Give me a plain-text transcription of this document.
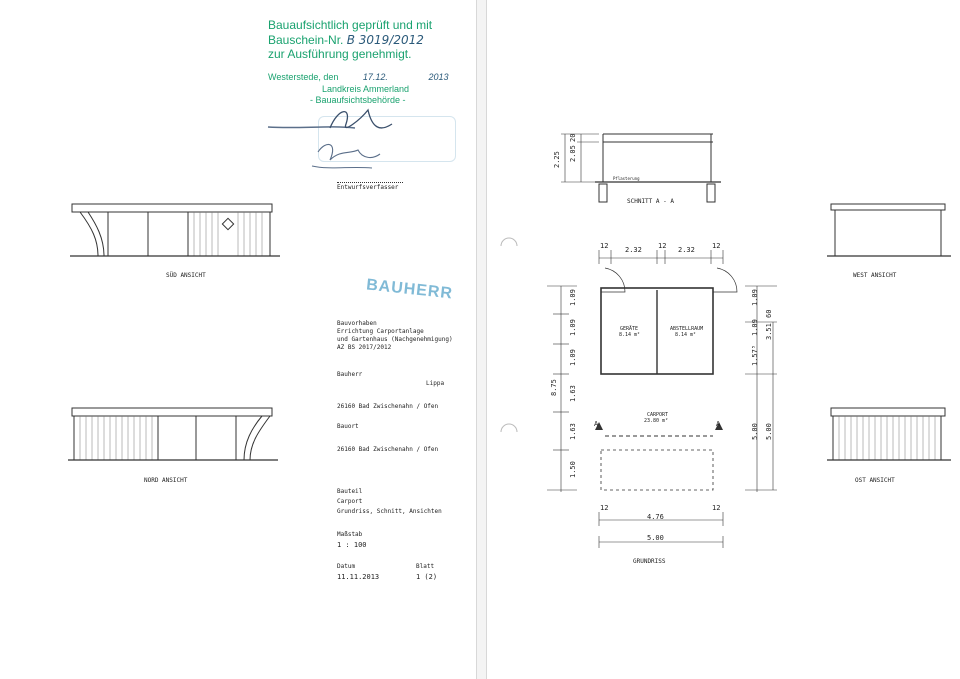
Bauaufsichtlich geprüft und mit
Bauschein-Nr. B 3019/2012
zur Ausführung genehmigt.
Westerstede, den	17.12.	2013
Landkreis Ammerland
- Bauaufsichtsbehörde -
Entwurfsverfasser
BAUHERR
SÜD ANSICHT
NORD ANSICHT
Bauvorhaben
Errichtung Carportanlage
und Gartenhaus (Nachgenehmigung)
AZ BS 2017/2012
Bauherr
Lippa
26160 Bad Zwischenahn / Ofen
Bauort
26160 Bad Zwischenahn / Ofen
Bauteil
Carport
Grundriss, Schnitt, Ansichten
Maßstab
1 : 100
Datum
11.11.2013
Blatt
1 (2)
2.25 2.05
20
Pflasterung
SCHNITT A - A
12 2.32 12 2.32 12
GERÄTE
8.14 m²
ABSTELLRAUM
8.14 m²
CARPORT
23.80 m²
A	A
8.75
1.09
1.09
1.09
1.63
1.63
1.50
1.09
1.09
1.57⁵
5.00
3.51
60
5.00
12
4.76
12
5.00
GRUNDRISS
WEST ANSICHT
OST ANSICHT
